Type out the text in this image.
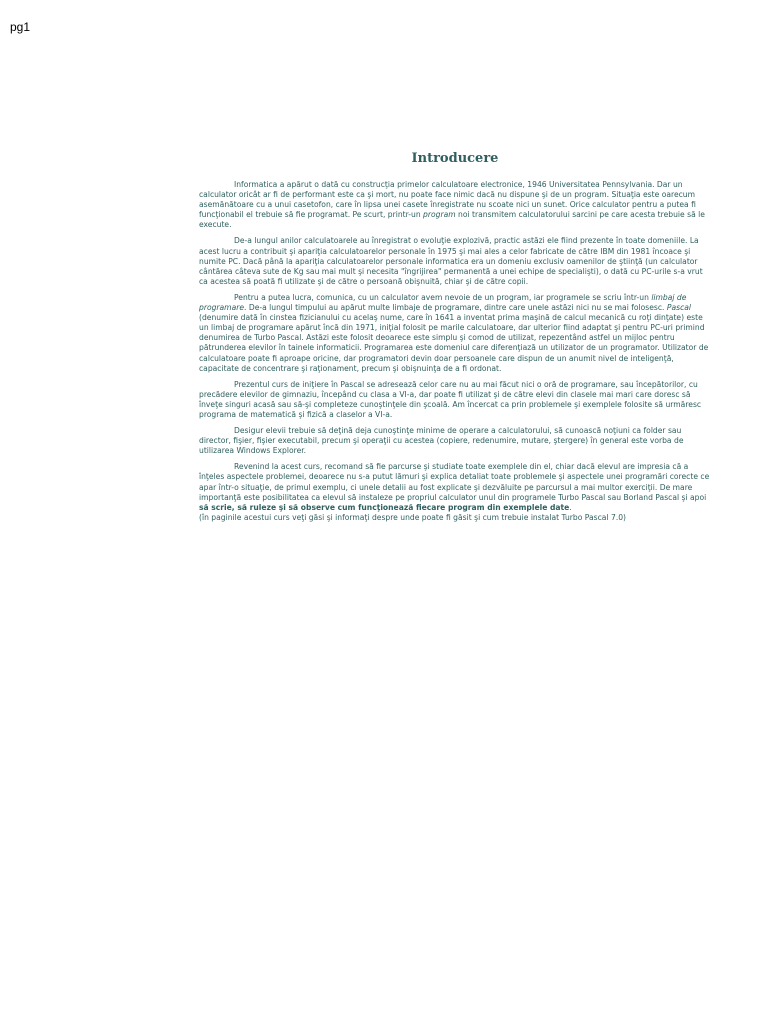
pg1
Introducere

Informatica a apărut o dată cu construcţia primelor calculatoare electronice, 1946 Universitatea Pennsylvania. Dar un calculator oricât ar fi de performant este ca şi mort, nu poate face nimic dacă nu dispune şi de un program. Situaţia este oarecum asemănătoare cu a unui casetofon, care în lipsa unei casete înregistrate nu scoate nici un sunet. Orice calculator pentru a putea fi funcţionabil el trebuie să fie programat. Pe scurt, printr-un program noi transmitem calculatorului sarcini pe care acesta trebuie să le execute.

De-a lungul anilor calculatoarele au înregistrat o evoluţie explozivă, practic astăzi ele fiind prezente în toate domeniile. La acest lucru a contribuit şi apariţia calculatoarelor personale în 1975 şi mai ales a celor fabricate de către IBM din 1981 încoace şi numite PC. Dacă până la apariţia calculatoarelor personale informatica era un domeniu exclusiv oamenilor de ştiinţă (un calculator cântărea câteva sute de Kg sau mai mult şi necesita "îngrijirea" permanentă a unei echipe de specialişti), o dată cu PC-urile s-a vrut ca acestea să poată fi utilizate şi de către o persoană obişnuită, chiar şi de către copii.

Pentru a putea lucra, comunica, cu un calculator avem nevoie de un program, iar programele se scriu într-un limbaj de programare. De-a lungul timpului au apărut multe limbaje de programare, dintre care unele astăzi nici nu se mai folosesc. Pascal (denumire dată în cinstea fizicianului cu acelaş nume, care în 1641 a inventat prima maşină de calcul mecanică cu roţi dinţate) este un limbaj de programare apărut încă din 1971, iniţial folosit pe marile calculatoare, dar ulterior fiind adaptat şi pentru PC-uri primind denumirea de Turbo Pascal. Astăzi este folosit deoarece este simplu şi comod de utilizat, repezentând astfel un mijloc pentru pătrunderea elevilor în tainele informaticii. Programarea este domeniul care diferenţiază un utilizator de un programator. Utilizator de calculatoare poate fi aproape oricine, dar programatori devin doar persoanele care dispun de un anumit nivel de inteligenţă, capacitate de concentrare şi raţionament, precum şi obişnuinţa de a fi ordonat.

Prezentul curs de iniţiere în Pascal se adresează celor care nu au mai făcut nici o oră de programare, sau începătorilor, cu precădere elevilor de gimnaziu, începând cu clasa a VI-a, dar poate fi utilizat şi de către elevi din clasele mai mari care doresc să înveţe singuri acasă sau să-şi completeze cunoştinţele din şcoală. Am încercat ca prin problemele şi exemplele folosite să urmăresc programa de matematică şi fizică a claselor a VI-a.

Desigur elevii trebuie să deţină deja cunoştinţe minime de operare a calculatorului, să cunoască noţiuni ca folder sau director, fişier, fişier executabil, precum şi operaţii cu acestea (copiere, redenumire, mutare, ştergere) în general este vorba de utilizarea Windows Explorer.

Revenind la acest curs, recomand să fie parcurse şi studiate toate exemplele din el, chiar dacă elevul are impresia că a înţeles aspectele problemei, deoarece nu s-a putut lămuri şi explica detaliat toate problemele şi aspectele unei programări corecte ce apar într-o situaţie, de primul exemplu, ci unele detalii au fost explicate şi dezvăluite pe parcursul a mai multor exerciţii. De mare importanţă este posibilitatea ca elevul să instaleze pe propriul calculator unul din programele Turbo Pascal sau Borland Pascal şi apoi să scrie, să ruleze şi să observe cum funcţionează fiecare program din exemplele date.
(în paginile acestui curs veţi găsi şi informaţi despre unde poate fi găsit şi cum trebuie instalat Turbo Pascal 7.0)
